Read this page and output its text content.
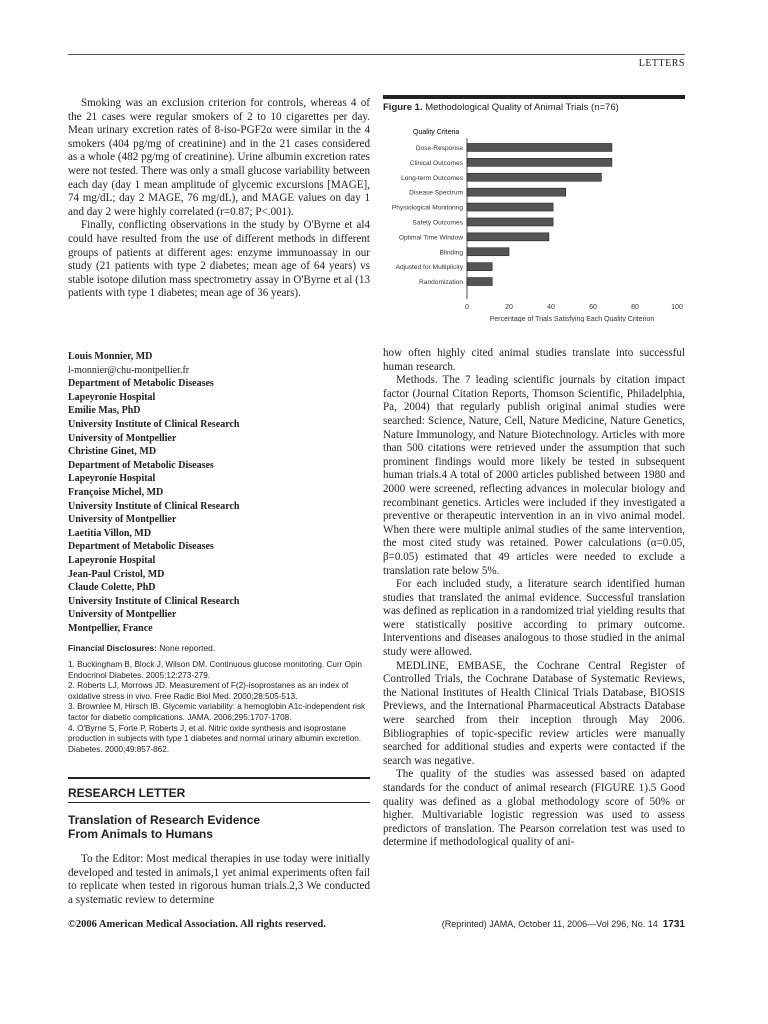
LETTERS

Smoking was an exclusion criterion for controls, whereas 4 of the 21 cases were regular smokers of 2 to 10 cigarettes per day. Mean urinary excretion rates of 8-iso-PGF2α were similar in the 4 smokers (404 pg/mg of creatinine) and in the 21 cases considered as a whole (482 pg/mg of creatinine). Urine albumin excretion rates were not tested. There was only a small glucose variability between each day (day 1 mean amplitude of glycemic excursions [MAGE], 74 mg/dL; day 2 MAGE, 76 mg/dL), and MAGE values on day 1 and day 2 were highly correlated (r=0.87; P<.001).

Finally, conflicting observations in the study by O'Byrne et al4 could have resulted from the use of different methods in different groups of patients at different ages: enzyme immunoassay in our study (21 patients with type 2 diabetes; mean age of 64 years) vs stable isotope dilution mass spectrometry assay in O'Byrne et al (13 patients with type 1 diabetes; mean age of 36 years).

Louis Monnier, MD
l-monnier@chu-montpellier.fr
Department of Metabolic Diseases
Lapeyronie Hospital
Emilie Mas, PhD
University Institute of Clinical Research
University of Montpellier
Christine Ginet, MD
Department of Metabolic Diseases
Lapeyronie Hospital
Françoise Michel, MD
University Institute of Clinical Research
University of Montpellier
Laetitia Villon, MD
Department of Metabolic Diseases
Lapeyronie Hospital
Jean-Paul Cristol, MD
Claude Colette, PhD
University Institute of Clinical Research
University of Montpellier
Montpellier, France
Financial Disclosures: None reported.
1. Buckingham B, Block J, Wilson DM. Continuous glucose monitoring. Curr Opin Endocrinol Diabetes. 2005;12:273-279.
2. Roberts LJ, Morrows JD. Measurement of F(2)-isoprostanes as an index of oxidative stress in vivo. Free Radic Biol Med. 2000;28:505-513.
3. Brownlee M, Hirsch IB. Glycemic variability: a hemoglobin A1c-independent risk factor for diabetic complications. JAMA. 2006;295:1707-1708.
4. O'Byrne S, Forte P, Roberts J, et al. Nitric oxide synthesis and isoprostane production in subjects with type 1 diabetes and normal urinary albumin excretion. Diabetes. 2000;49:857-862.
RESEARCH LETTER
Translation of Research Evidence
From Animals to Humans

To the Editor: Most medical therapies in use today were initially developed and tested in animals,1 yet animal experiments often fail to replicate when tested in rigorous human trials.2,3 We conducted a systematic review to determine

Figure 1. Methodological Quality of Animal Trials (n=76)
Quality Criteria
Dose-Response
Clinical Outcomes
Long-term Outcomes
Disease Spectrum
Physiological Monitoring
Safety Outcomes
Optimal Time Window
Blinding
Adjusted for Multiplicity
Randomization
0	20	40	60	80	100
Percentage of Trials Satisfying Each Quality Criterion

how often highly cited animal studies translate into successful human research.

Methods. The 7 leading scientific journals by citation impact factor (Journal Citation Reports, Thomson Scientific, Philadelphia, Pa, 2004) that regularly publish original animal studies were searched: Science, Nature, Cell, Nature Medicine, Nature Genetics, Nature Immunology, and Nature Biotechnology. Articles with more than 500 citations were retrieved under the assumption that such prominent findings would more likely be tested in subsequent human trials.4 A total of 2000 articles published between 1980 and 2000 were screened, reflecting advances in molecular biology and recombinant genetics. Articles were included if they investigated a preventive or therapeutic intervention in an in vivo animal model. When there were multiple animal studies of the same intervention, the most cited study was retained. Power calculations (α=0.05, β=0.05) estimated that 49 articles were needed to exclude a translation rate below 5%.

For each included study, a literature search identified human studies that translated the animal evidence. Successful translation was defined as replication in a randomized trial yielding results that were statistically positive according to primary outcome. Interventions and diseases analogous to those studied in the animal study were allowed.

MEDLINE, EMBASE, the Cochrane Central Register of Controlled Trials, the Cochrane Database of Systematic Reviews, the National Institutes of Health Clinical Trials Database, BIOSIS Previews, and the International Pharmaceutical Abstracts Database were searched from their inception through May 2006. Bibliographies of topic-specific review articles were manually searched for additional studies and experts were contacted if the search was negative.

The quality of the studies was assessed based on adapted standards for the conduct of animal research (FIGURE 1).5 Good quality was defined as a global methodology score of 50% or higher. Multivariable logistic regression was used to assess predictors of translation. The Pearson correlation test was used to determine if methodological quality of ani-

©2006 American Medical Association. All rights reserved.	(Reprinted) JAMA, October 11, 2006—Vol 296, No. 14 1731
